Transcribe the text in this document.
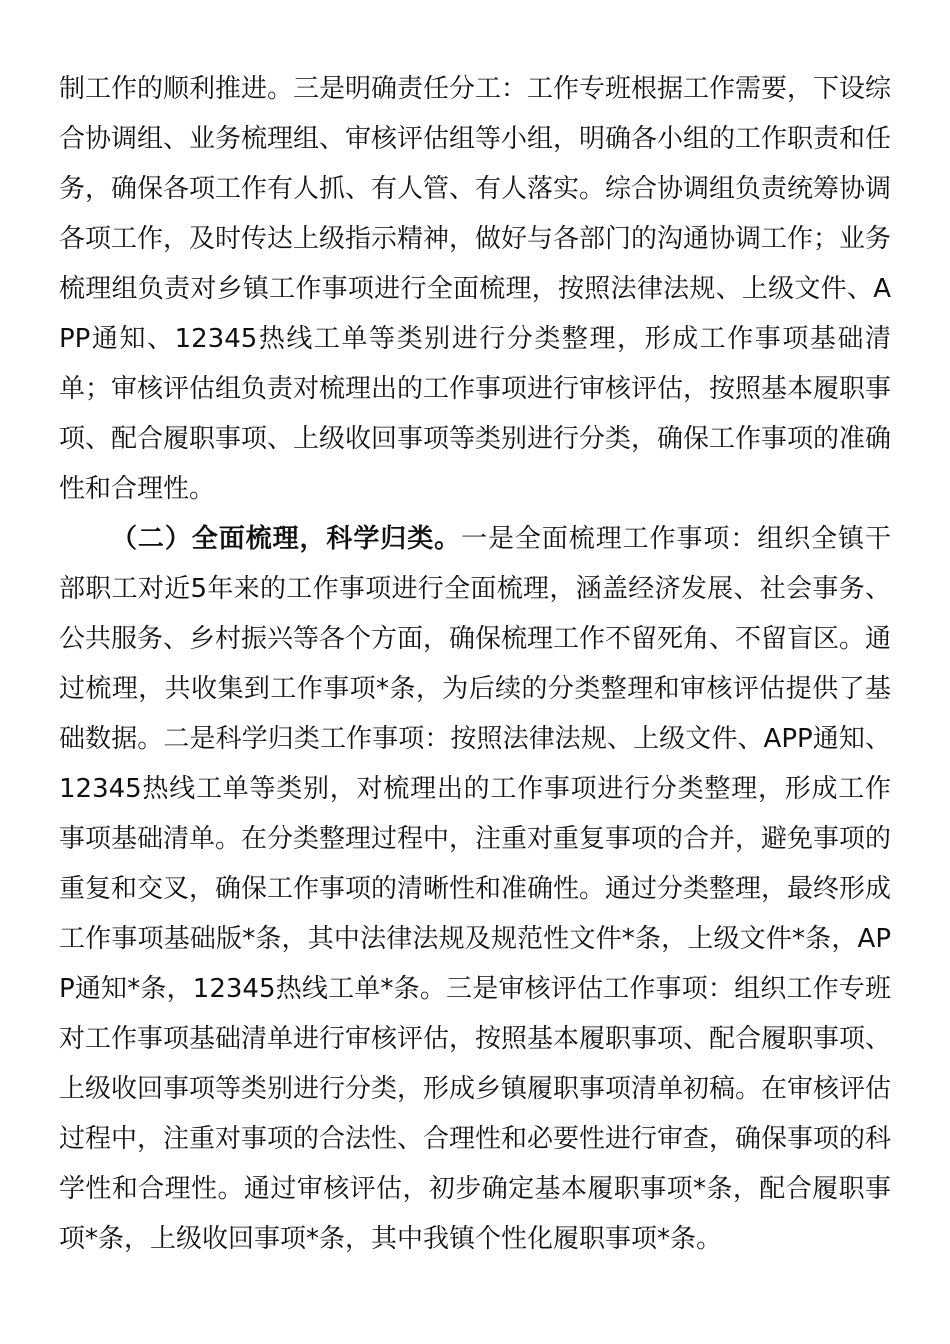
制工作的顺利推进。三是明确责任分工：工作专班根据工作需要，下设综合协调组、业务梳理组、审核评估组等小组，明确各小组的工作职责和任务，确保各项工作有人抓、有人管、有人落实。综合协调组负责统筹协调各项工作，及时传达上级指示精神，做好与各部门的沟通协调工作；业务梳理组负责对乡镇工作事项进行全面梳理，按照法律法规、上级文件、APP通知、12345热线工单等类别进行分类整理，形成工作事项基础清单；审核评估组负责对梳理出的工作事项进行审核评估，按照基本履职事项、配合履职事项、上级收回事项等类别进行分类，确保工作事项的准确性和合理性。

（二）全面梳理，科学归类。一是全面梳理工作事项：组织全镇干部职工对近5年来的工作事项进行全面梳理，涵盖经济发展、社会事务、公共服务、乡村振兴等各个方面，确保梳理工作不留死角、不留盲区。通过梳理，共收集到工作事项*条，为后续的分类整理和审核评估提供了基础数据。二是科学归类工作事项：按照法律法规、上级文件、APP通知、12345热线工单等类别，对梳理出的工作事项进行分类整理，形成工作事项基础清单。在分类整理过程中，注重对重复事项的合并，避免事项的重复和交叉，确保工作事项的清晰性和准确性。通过分类整理，最终形成工作事项基础版*条，其中法律法规及规范性文件*条，上级文件*条，APP通知*条，12345热线工单*条。三是审核评估工作事项：组织工作专班对工作事项基础清单进行审核评估，按照基本履职事项、配合履职事项、上级收回事项等类别进行分类，形成乡镇履职事项清单初稿。在审核评估过程中，注重对事项的合法性、合理性和必要性进行审查，确保事项的科学性和合理性。通过审核评估，初步确定基本履职事项*条，配合履职事项*条，上级收回事项*条，其中我镇个性化履职事项*条。
